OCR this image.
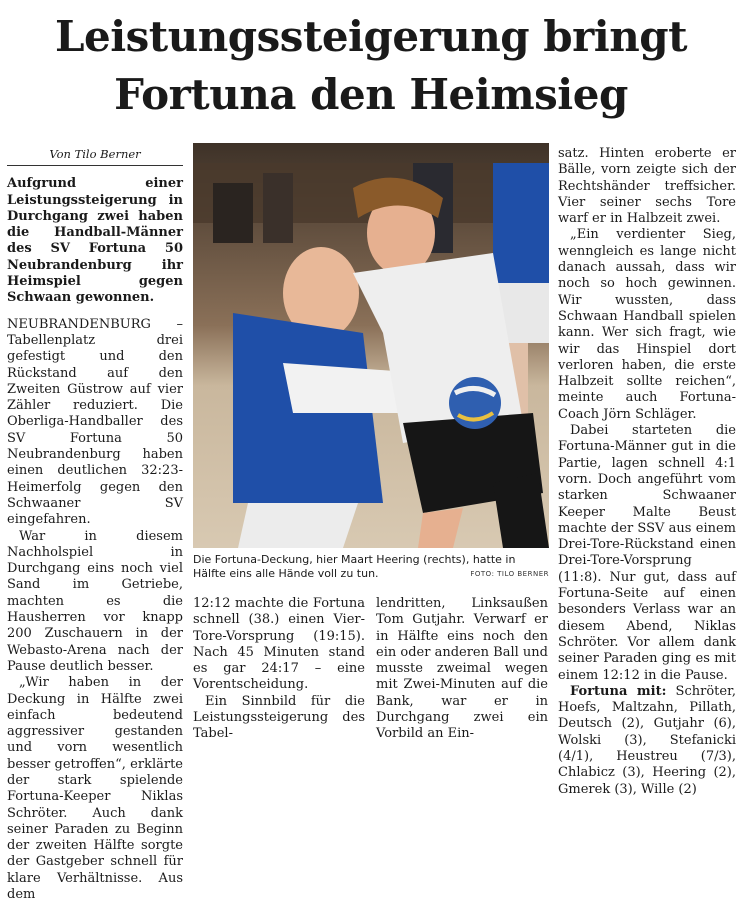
Leistungssteigerung bringt
Fortuna den Heimsieg
Von Tilo Berner

Aufgrund einer Leistungssteigerung in Durchgang zwei haben die Handball-Männer des SV Fortuna 50 Neubrandenburg ihr Heimspiel gegen Schwaan gewonnen.

NEUBRANDENBURG – Tabellenplatz drei gefestigt und den Rückstand auf den Zweiten Güstrow auf vier Zähler reduziert. Die Oberliga-Handballer des SV Fortuna 50 Neubrandenburg haben einen deutlichen 32:23-Heimerfolg gegen den Schwaaner SV eingefahren.

War in diesem Nachholspiel in Durchgang eins noch viel Sand im Getriebe, machten es die Hausherren vor knapp 200 Zuschauern in der Webasto-Arena nach der Pause deutlich besser.

„Wir haben in der Deckung in Hälfte zwei einfach bedeutend aggressiver gestanden und vorn wesentlich besser getroffen“, erklärte der stark spielende Fortuna-Keeper Niklas Schröter. Auch dank seiner Paraden zu Beginn der zweiten Hälfte sorgte der Gastgeber schnell für klare Verhältnisse. Aus dem

Die Fortuna-Deckung, hier Maart Heering (rechts), hatte in Hälfte eins alle Hände voll zu tun.	FOTO: TILO BERNER

12:12 machte die Fortuna schnell (38.) einen Vier-Tore-Vorsprung (19:15). Nach 45 Minuten stand es gar 24:17 – eine Vorentscheidung.

Ein Sinnbild für die Leistungssteigerung des Tabel-

lendritten, Linksaußen Tom Gutjahr. Verwarf er in Hälfte eins noch den ein oder anderen Ball und musste zweimal wegen mit Zwei-Minuten auf die Bank, war er in Durchgang zwei ein Vorbild an Ein-

satz. Hinten eroberte er Bälle, vorn zeigte sich der Rechtshänder treffsicher. Vier seiner sechs Tore warf er in Halbzeit zwei.

„Ein verdienter Sieg, wenngleich es lange nicht danach aussah, dass wir noch so hoch gewinnen. Wir wussten, dass Schwaan Handball spielen kann. Wer sich fragt, wie wir das Hinspiel dort verloren haben, die erste Halbzeit sollte reichen“, meinte auch Fortuna-Coach Jörn Schläger.

Dabei starteten die Fortuna-Männer gut in die Partie, lagen schnell 4:1 vorn. Doch angeführt vom starken Schwaaner Keeper Malte Beust machte der SSV aus einem Drei-Tore-Rückstand einen Drei-Tore-Vorsprung (11:8). Nur gut, dass auf Fortuna-Seite auf einen besonders Verlass war an diesem Abend, Niklas Schröter. Vor allem dank seiner Paraden ging es mit einem 12:12 in die Pause.

Fortuna mit: Schröter, Hoefs, Maltzahn, Pillath, Deutsch (2), Gutjahr (6), Wolski (3), Stefanicki (4/1), Heustreu (7/3), Chlabicz (3), Heering (2), Gmerek (3), Wille (2)
